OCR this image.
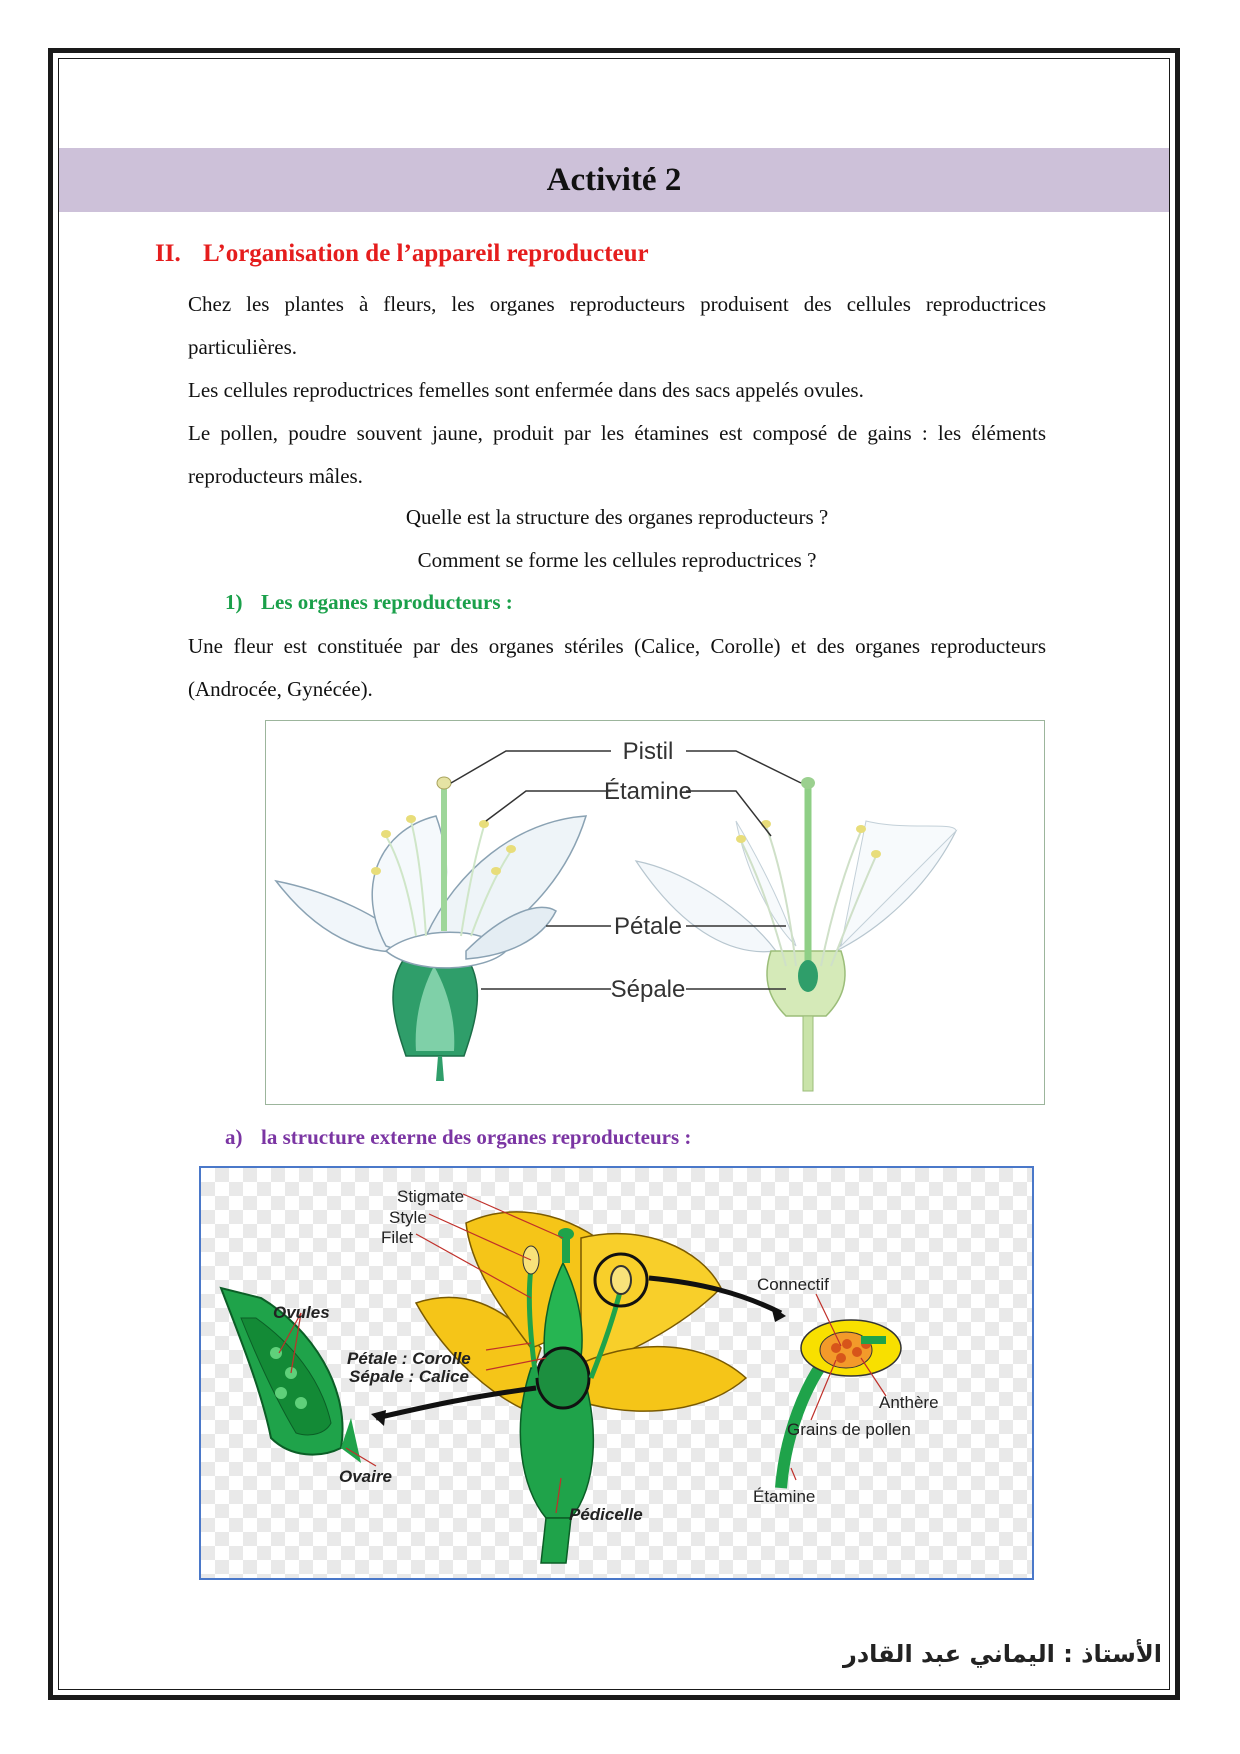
Activité 2
II. L’organisation de l’appareil reproducteur

Chez les plantes à fleurs, les organes reproducteurs produisent des cellules reproductrices particulières.

Les cellules reproductrices femelles sont enfermée dans des sacs appelés ovules.

Le pollen, poudre souvent jaune, produit par les étamines est composé de gains : les éléments reproducteurs mâles.

Quelle est la structure des organes reproducteurs ?
Comment se forme les cellules reproductrices ?
1) Les organes reproducteurs :
Une fleur est constituée par des organes stériles (Calice, Corolle) et des organes reproducteurs (Androcée, Gynécée).
Pistil
Étamine
Pétale
Sépale
a) la structure externe des organes reproducteurs :
Stigmate
Style
Filet
Ovules
Pétale : Corolle
Sépale : Calice
Ovaire
Pédicelle
Connectif
Anthère
Grains de pollen
Étamine
الأستاذ : اليماني عبد القادر
